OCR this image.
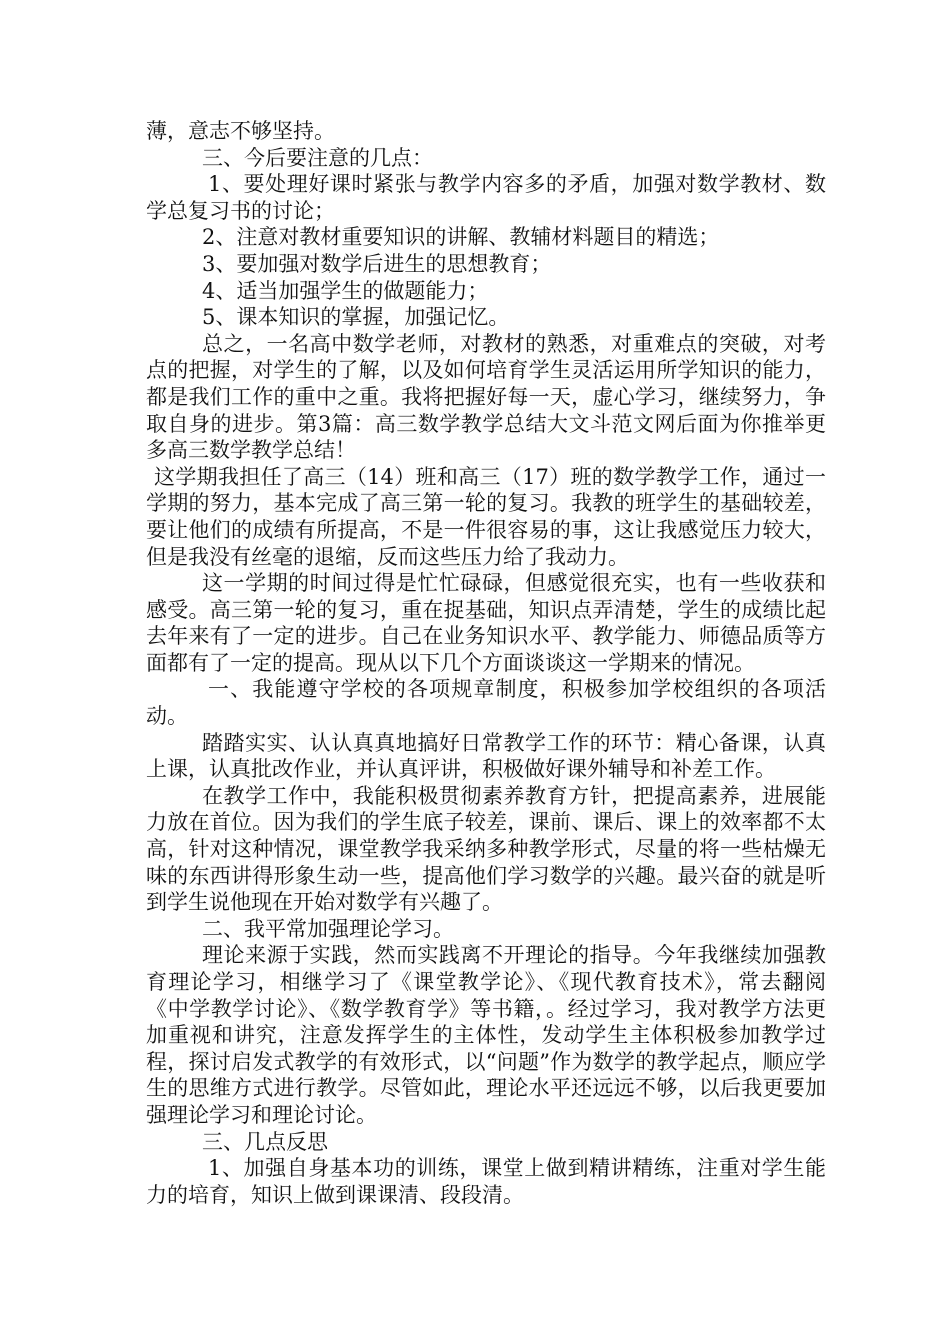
薄，意志不够坚持。

三、今后要注意的几点：

1、要处理好课时紧张与教学内容多的矛盾，加强对数学教材、数学总复习书的讨论；

2、注意对教材重要知识的讲解、教辅材料题目的精选；

3、要加强对数学后进生的思想教育；

4、适当加强学生的做题能力；

5、课本知识的掌握，加强记忆。

总之，一名高中数学老师，对教材的熟悉，对重难点的突破，对考点的把握，对学生的了解，以及如何培育学生灵活运用所学知识的能力，都是我们工作的重中之重。我将把握好每一天，虚心学习，继续努力，争取自身的进步。第3篇：高三数学教学总结大文斗范文网后面为你推举更多高三数学教学总结！

这学期我担任了高三（14）班和高三（17）班的数学教学工作，通过一学期的努力，基本完成了高三第一轮的复习。我教的班学生的基础较差，要让他们的成绩有所提高，不是一件很容易的事，这让我感觉压力较大，但是我没有丝毫的退缩，反而这些压力给了我动力。

这一学期的时间过得是忙忙碌碌，但感觉很充实，也有一些收获和感受。高三第一轮的复习，重在捉基础，知识点弄清楚，学生的成绩比起去年来有了一定的进步。自己在业务知识水平、教学能力、师德品质等方面都有了一定的提高。现从以下几个方面谈谈这一学期来的情况。

一、我能遵守学校的各项规章制度，积极参加学校组织的各项活动。

踏踏实实、认认真真地搞好日常教学工作的环节：精心备课，认真上课，认真批改作业，并认真评讲，积极做好课外辅导和补差工作。

在教学工作中，我能积极贯彻素养教育方针，把提高素养，进展能力放在首位。因为我们的学生底子较差，课前、课后、课上的效率都不太高，针对这种情况，课堂教学我采纳多种教学形式，尽量的将一些枯燥无味的东西讲得形象生动一些，提高他们学习数学的兴趣。最兴奋的就是听到学生说他现在开始对数学有兴趣了。

二、我平常加强理论学习。

理论来源于实践，然而实践离不开理论的指导。今年我继续加强教育理论学习，相继学习了《课堂教学论》、《现代教育技术》，常去翻阅《中学教学讨论》、《数学教育学》等书籍，。经过学习，我对教学方法更加重视和讲究，注意发挥学生的主体性，发动学生主体积极参加教学过程，探讨启发式教学的有效形式，以“问题”作为数学的教学起点，顺应学生的思维方式进行教学。尽管如此，理论水平还远远不够，以后我更要加强理论学习和理论讨论。

三、几点反思

1、加强自身基本功的训练，课堂上做到精讲精练，注重对学生能力的培育，知识上做到课课清、段段清。
